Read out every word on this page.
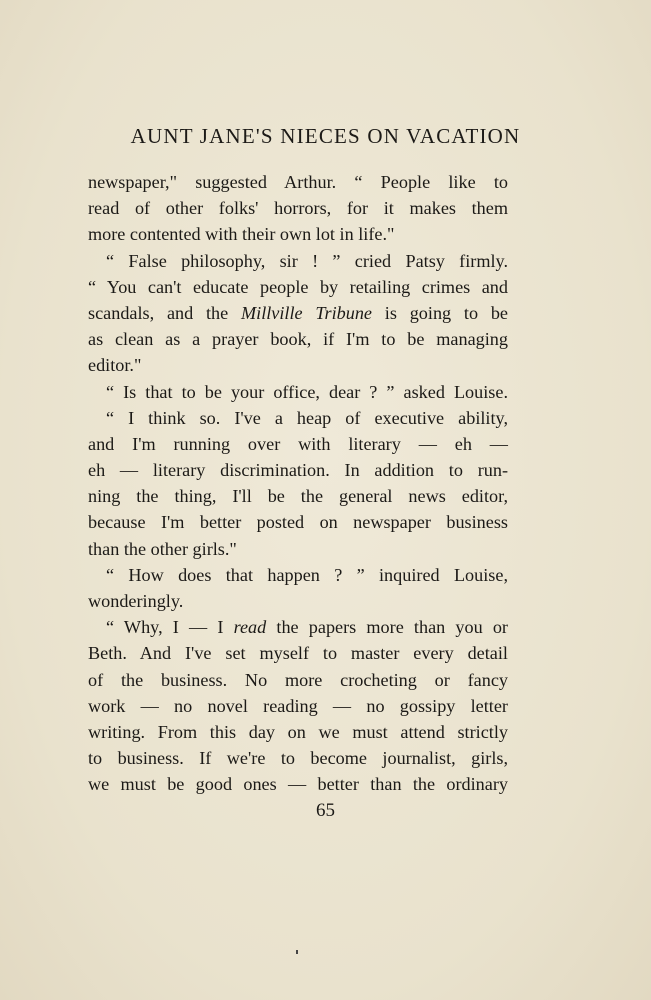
AUNT JANE'S NIECES ON VACATION
newspaper," suggested Arthur. “ People like to
read of other folks' horrors, for it makes them
more contented with their own lot in life."
“ False philosophy, sir ! ” cried Patsy firmly.
“ You can't educate people by retailing crimes and
scandals, and the Millville Tribune is going to be
as clean as a prayer book, if I'm to be managing
editor."
“ Is that to be your office, dear ? ” asked Louise.
“ I think so. I've a heap of executive ability,
and I'm running over with literary — eh —
eh — literary discrimination. In addition to run-
ning the thing, I'll be the general news editor,
because I'm better posted on newspaper business
than the other girls."
“ How does that happen ? ” inquired Louise,
wonderingly.
“ Why, I — I read the papers more than you or
Beth. And I've set myself to master every detail
of the business. No more crocheting or fancy
work — no novel reading — no gossipy letter
writing. From this day on we must attend strictly
to business. If we're to become journalist, girls,
we must be good ones — better than the ordinary
65
